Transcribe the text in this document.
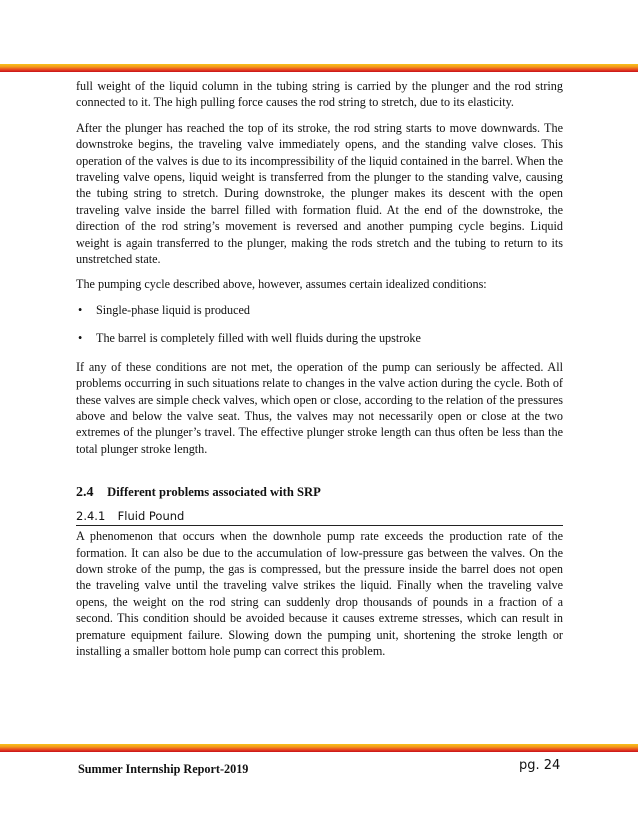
full weight of the liquid column in the tubing string is carried by the plunger and the rod string connected to it. The high pulling force causes the rod string to stretch, due to its elasticity.

After the plunger has reached the top of its stroke, the rod string starts to move downwards. The downstroke begins, the traveling valve immediately opens, and the standing valve closes. This operation of the valves is due to its incompressibility of the liquid contained in the barrel. When the traveling valve opens, liquid weight is transferred from the plunger to the standing valve, causing the tubing string to stretch. During downstroke, the plunger makes its descent with the open traveling valve inside the barrel filled with formation fluid. At the end of the downstroke, the direction of the rod string’s movement is reversed and another pumping cycle begins. Liquid weight is again transferred to the plunger, making the rods stretch and the tubing to return to its unstretched state.

The pumping cycle described above, however, assumes certain idealized conditions:

• Single-phase liquid is produced
• The barrel is completely filled with well fluids during the upstroke

If any of these conditions are not met, the operation of the pump can seriously be affected. All problems occurring in such situations relate to changes in the valve action during the cycle. Both of these valves are simple check valves, which open or close, according to the relation of the pressures above and below the valve seat. Thus, the valves may not necessarily open or close at the two extremes of the plunger’s travel. The effective plunger stroke length can thus often be less than the total plunger stroke length.

2.4 Different problems associated with SRP
2.4.1 Fluid Pound

A phenomenon that occurs when the downhole pump rate exceeds the production rate of the formation. It can also be due to the accumulation of low-pressure gas between the valves. On the down stroke of the pump, the gas is compressed, but the pressure inside the barrel does not open the traveling valve until the traveling valve strikes the liquid. Finally when the traveling valve opens, the weight on the rod string can suddenly drop thousands of pounds in a fraction of a second. This condition should be avoided because it causes extreme stresses, which can result in premature equipment failure. Slowing down the pumping unit, shortening the stroke length or installing a smaller bottom hole pump can correct this problem.

Summer Internship Report-2019	pg. 24
